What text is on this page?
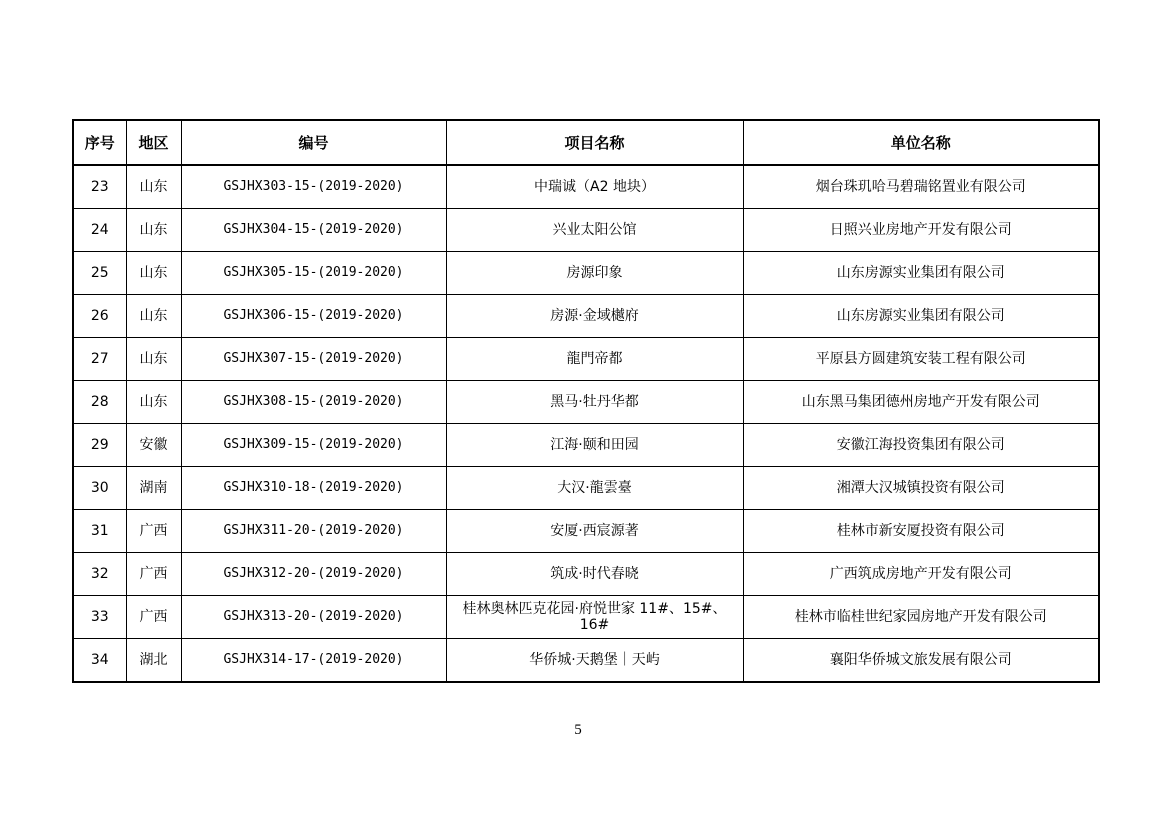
序号	地区	编号	项目名称	单位名称
23	山东	GSJHX303-15-(2019-2020)	中瑞诚（A2 地块）	烟台珠玑哈马碧瑞铭置业有限公司
24	山东	GSJHX304-15-(2019-2020)	兴业太阳公馆	日照兴业房地产开发有限公司
25	山东	GSJHX305-15-(2019-2020)	房源印象	山东房源实业集团有限公司
26	山东	GSJHX306-15-(2019-2020)	房源·金域樾府	山东房源实业集团有限公司
27	山东	GSJHX307-15-(2019-2020)	龍門帝都	平原县方圆建筑安装工程有限公司
28	山东	GSJHX308-15-(2019-2020)	黑马·牡丹华都	山东黑马集团德州房地产开发有限公司
29	安徽	GSJHX309-15-(2019-2020)	江海·颐和田园	安徽江海投资集团有限公司
30	湖南	GSJHX310-18-(2019-2020)	大汉·龍雲臺	湘潭大汉城镇投资有限公司
31	广西	GSJHX311-20-(2019-2020)	安厦·西宸源著	桂林市新安厦投资有限公司
32	广西	GSJHX312-20-(2019-2020)	筑成·时代春晓	广西筑成房地产开发有限公司
33	广西	GSJHX313-20-(2019-2020)	桂林奥林匹克花园·府悦世家 11#、15#、16#	桂林市临桂世纪家园房地产开发有限公司
34	湖北	GSJHX314-17-(2019-2020)	华侨城·天鹅堡｜天屿	襄阳华侨城文旅发展有限公司
5
